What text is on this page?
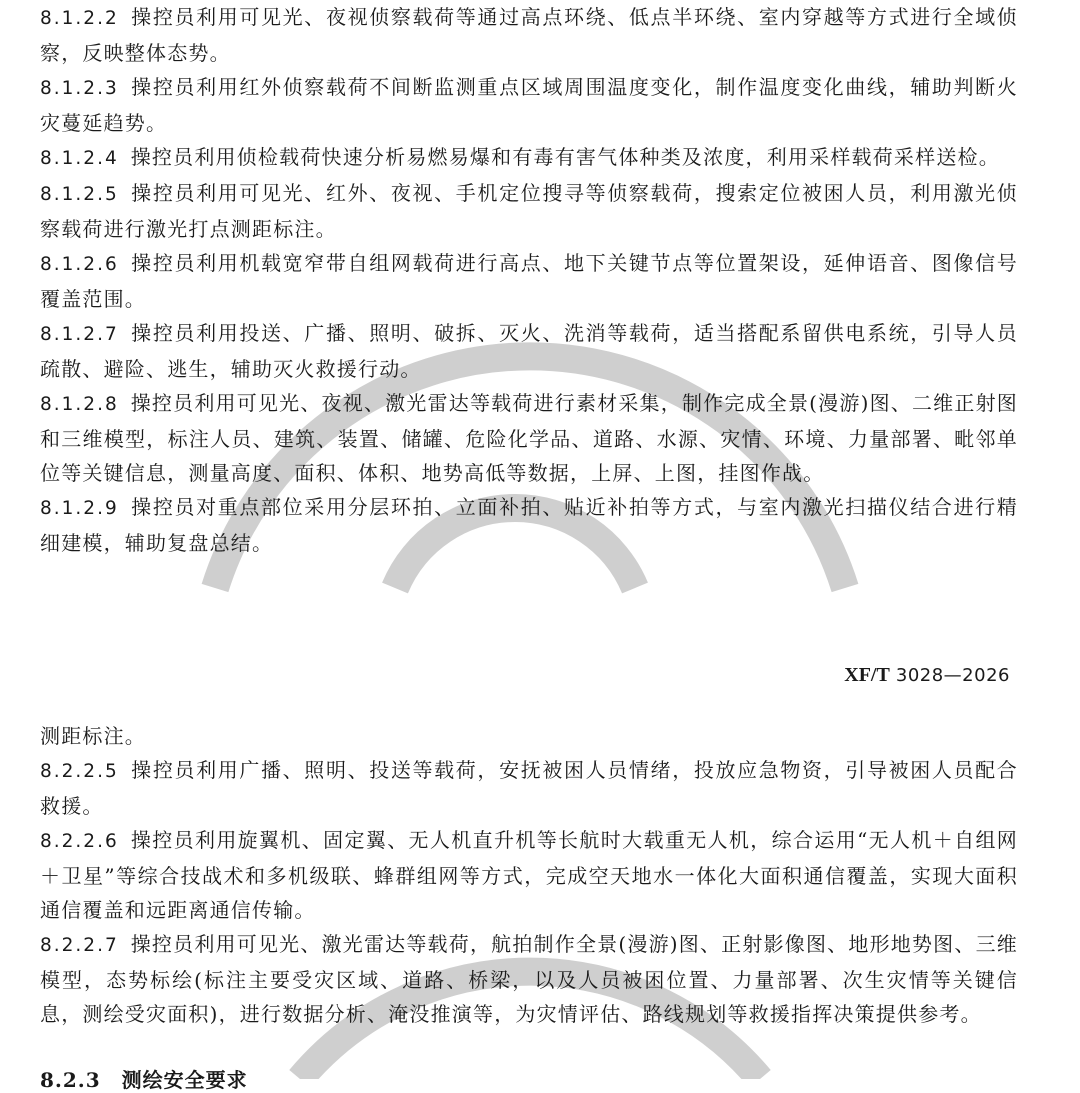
8.1.2.2 操控员利用可见光、夜视侦察载荷等通过高点环绕、低点半环绕、室内穿越等方式进行全域侦察，反映整体态势。

8.1.2.3 操控员利用红外侦察载荷不间断监测重点区域周围温度变化，制作温度变化曲线，辅助判断火灾蔓延趋势。

8.1.2.4 操控员利用侦检载荷快速分析易燃易爆和有毒有害气体种类及浓度，利用采样载荷采样送检。

8.1.2.5 操控员利用可见光、红外、夜视、手机定位搜寻等侦察载荷，搜索定位被困人员，利用激光侦察载荷进行激光打点测距标注。

8.1.2.6 操控员利用机载宽窄带自组网载荷进行高点、地下关键节点等位置架设，延伸语音、图像信号覆盖范围。

8.1.2.7 操控员利用投送、广播、照明、破拆、灭火、洗消等载荷，适当搭配系留供电系统，引导人员疏散、避险、逃生，辅助灭火救援行动。

8.1.2.8 操控员利用可见光、夜视、激光雷达等载荷进行素材采集，制作完成全景(漫游)图、二维正射图和三维模型，标注人员、建筑、装置、储罐、危险化学品、道路、水源、灾情、环境、力量部署、毗邻单位等关键信息，测量高度、面积、体积、地势高低等数据，上屏、上图，挂图作战。

8.1.2.9 操控员对重点部位采用分层环拍、立面补拍、贴近补拍等方式，与室内激光扫描仪结合进行精细建模，辅助复盘总结。

XF/T 3028—2026

测距标注。

8.2.2.5 操控员利用广播、照明、投送等载荷，安抚被困人员情绪，投放应急物资，引导被困人员配合救援。

8.2.2.6 操控员利用旋翼机、固定翼、无人机直升机等长航时大载重无人机，综合运用“无人机＋自组网＋卫星”等综合技战术和多机级联、蜂群组网等方式，完成空天地水一体化大面积通信覆盖，实现大面积通信覆盖和远距离通信传输。

8.2.2.7 操控员利用可见光、激光雷达等载荷，航拍制作全景(漫游)图、正射影像图、地形地势图、三维模型，态势标绘(标注主要受灾区域、道路、桥梁，以及人员被困位置、力量部署、次生灾情等关键信息，测绘受灾面积)，进行数据分析、淹没推演等，为灾情评估、路线规划等救援指挥决策提供参考。

8.2.3　测绘安全要求
